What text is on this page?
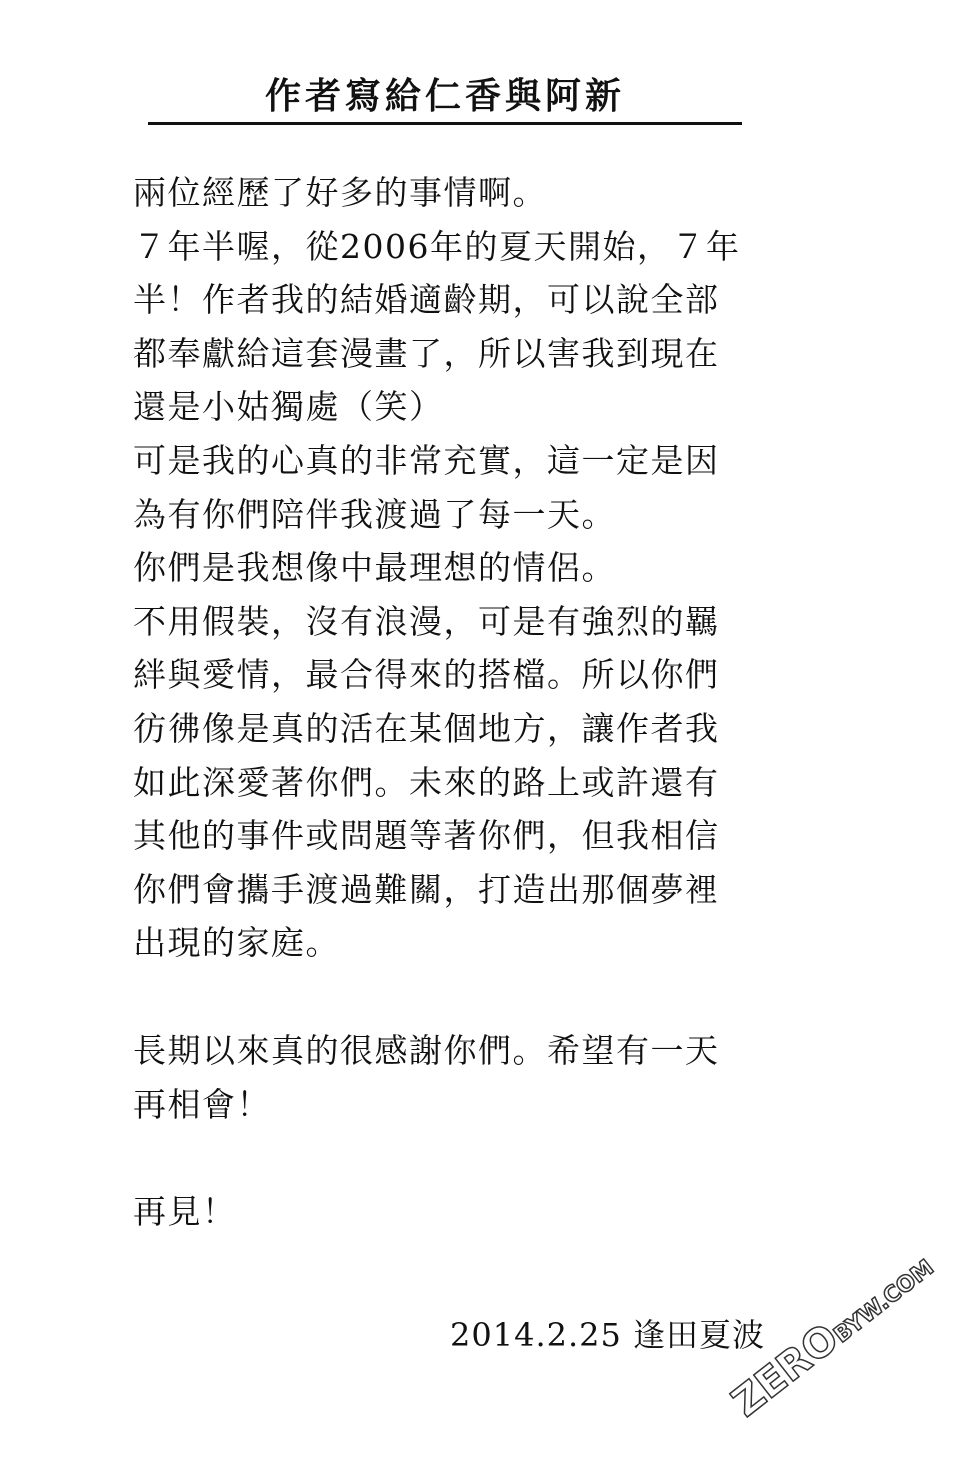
作者寫給仁香與阿新
兩位經歷了好多的事情啊。
７年半喔，從2006年的夏天開始，７年
半！作者我的結婚適齡期，可以說全部
都奉獻給這套漫畫了，所以害我到現在
還是小姑獨處（笑）
可是我的心真的非常充實，這一定是因
為有你們陪伴我渡過了每一天。
你們是我想像中最理想的情侶。
不用假裝，沒有浪漫，可是有強烈的羈
絆與愛情，最合得來的搭檔。所以你們
彷彿像是真的活在某個地方，讓作者我
如此深愛著你們。未來的路上或許還有
其他的事件或問題等著你們，但我相信
你們會攜手渡過難關，打造出那個夢裡
出現的家庭。
長期以來真的很感謝你們。希望有一天
再相會！
再見！
2014.2.25 逢田夏波
ZEROBYW.COM
